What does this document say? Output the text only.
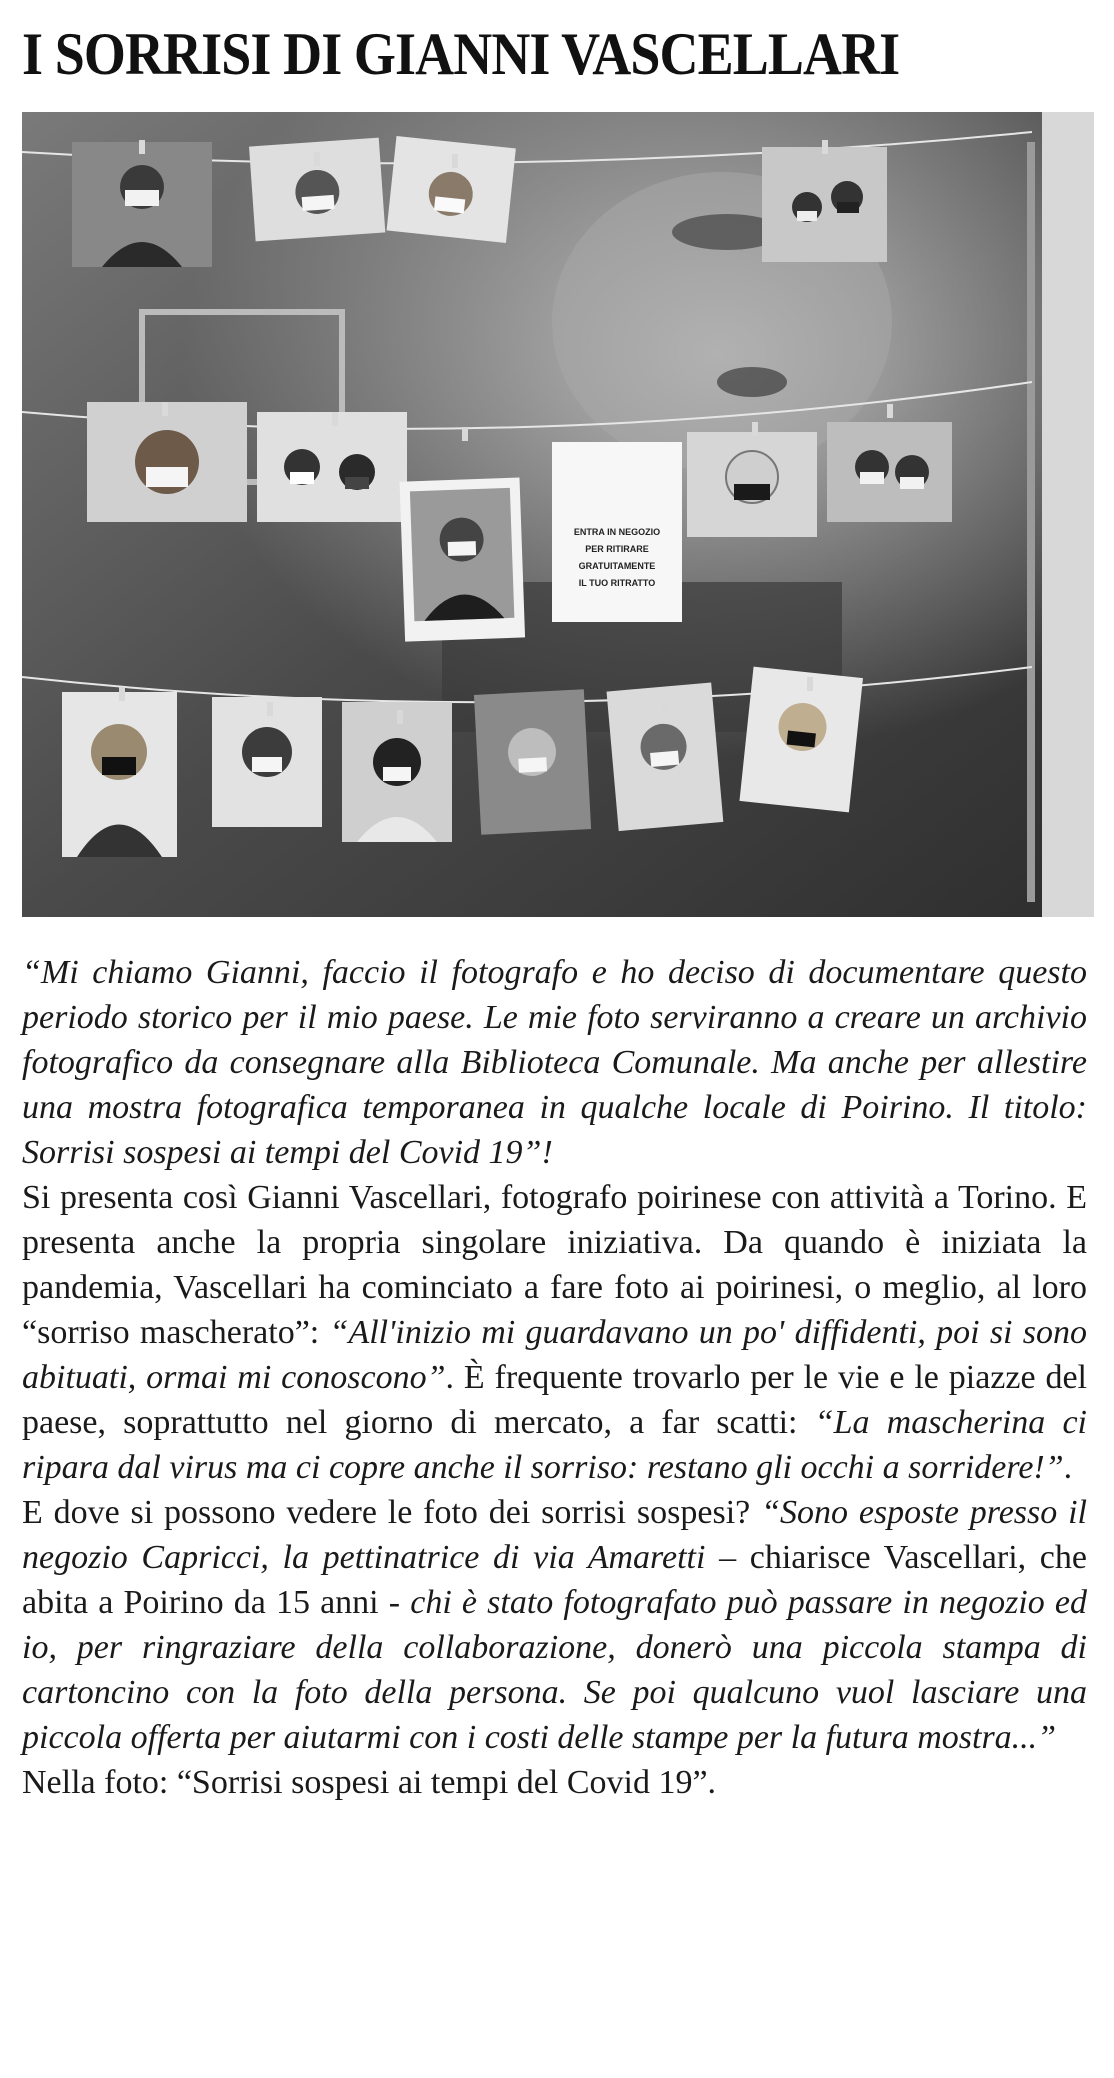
I SORRISI DI GIANNI VASCELLARI
ENTRA IN NEGOZIO
PER RITIRARE
GRATUITAMENTE
IL TUO RITRATTO

“Mi chiamo Gianni, faccio il fotografo e ho deciso di documentare questo periodo storico per il mio paese. Le mie foto serviranno a creare un archivio fotografico da consegnare alla Biblioteca Comunale. Ma anche per allestire una mostra fotografica temporanea in qualche locale di Poirino. Il titolo: Sorrisi sospesi ai tempi del Covid 19”!

Si presenta così Gianni Vascellari, fotografo poirinese con attività a Torino. E presenta anche la propria singolare iniziativa. Da quando è iniziata la pandemia, Vascellari ha cominciato a fare foto ai poirinesi, o meglio, al loro “sorriso mascherato”: “All'inizio mi guardavano un po' diffidenti, poi si sono abituati, ormai mi conoscono”. È frequente trovarlo per le vie e le piazze del paese, soprattutto nel giorno di mercato, a far scatti: “La mascherina ci ripara dal virus ma ci copre anche il sorriso: restano gli occhi a sorridere!”.

E dove si possono vedere le foto dei sorrisi sospesi? “Sono esposte presso il negozio Capricci, la pettinatrice di via Amaretti – chiarisce Vascellari, che abita a Poirino da 15 anni - chi è stato fotografato può passare in negozio ed io, per ringraziare della collaborazione, donerò una piccola stampa di cartoncino con la foto della persona. Se poi qualcuno vuol lasciare una piccola offerta per aiutarmi con i costi delle stampe per la futura mostra...”

Nella foto: “Sorrisi sospesi ai tempi del Covid 19”.
